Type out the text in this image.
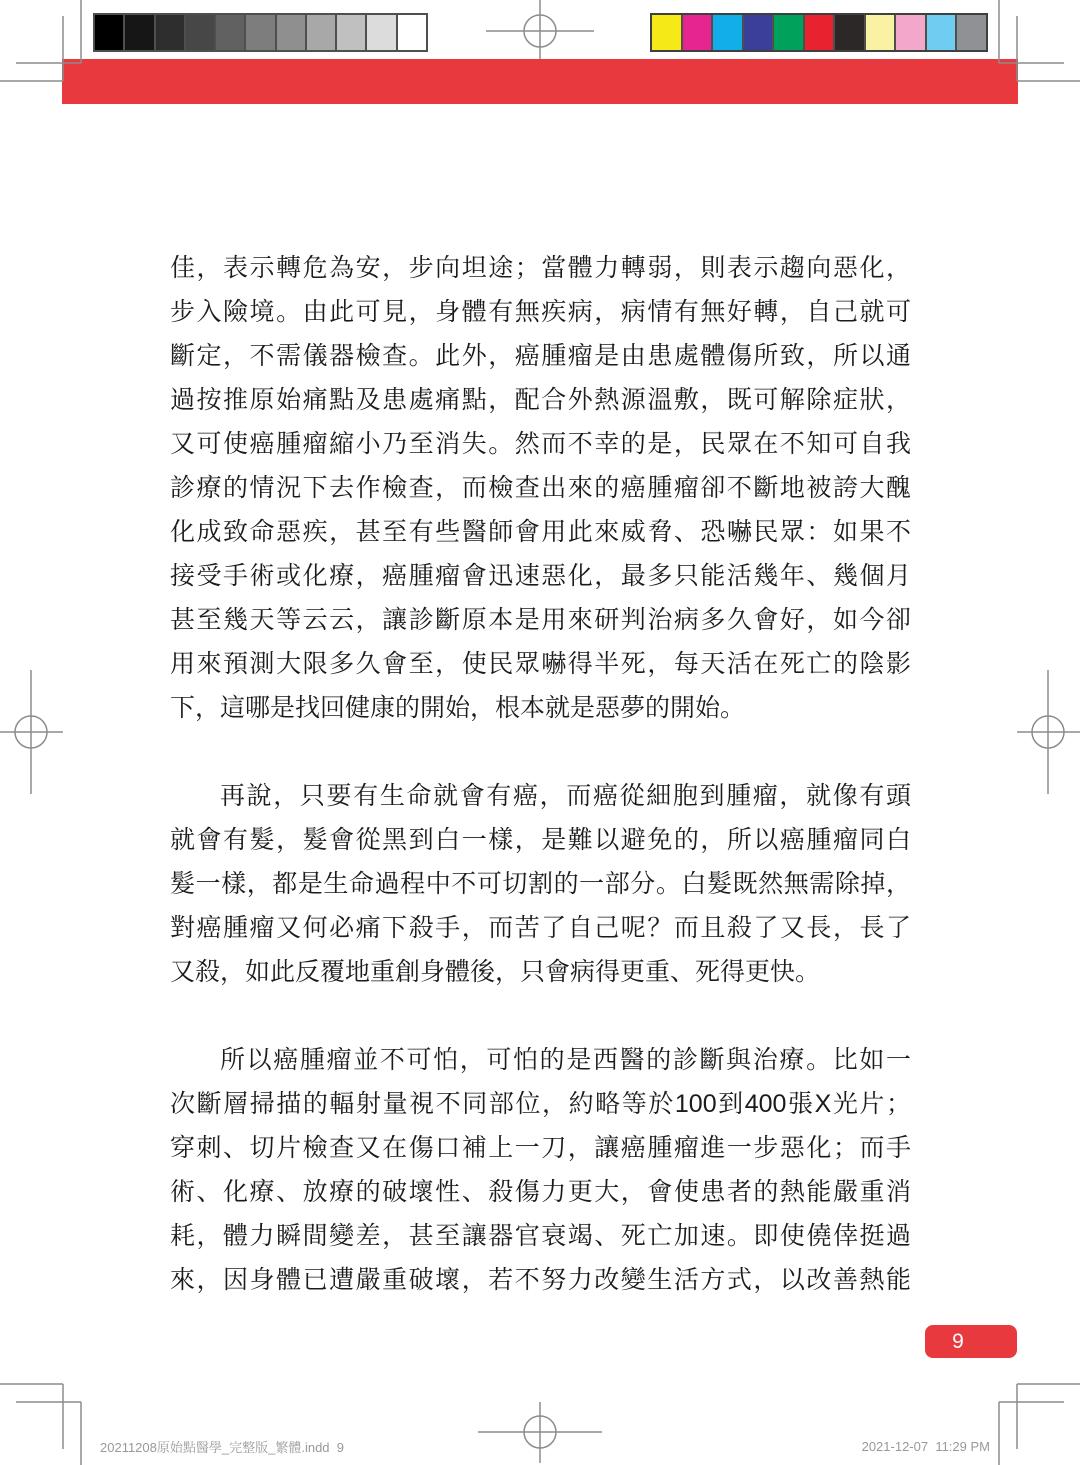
佳，表示轉危為安，步向坦途；當體力轉弱，則表示趨向惡化，
步入險境。由此可見，身體有無疾病，病情有無好轉，自己就可
斷定，不需儀器檢查。此外，癌腫瘤是由患處體傷所致，所以通
過按推原始痛點及患處痛點，配合外熱源溫敷，既可解除症狀，
又可使癌腫瘤縮小乃至消失。然而不幸的是，民眾在不知可自我
診療的情況下去作檢查，而檢查出來的癌腫瘤卻不斷地被誇大醜
化成致命惡疾，甚至有些醫師會用此來威脅、恐嚇民眾：如果不
接受手術或化療，癌腫瘤會迅速惡化，最多只能活幾年、幾個月
甚至幾天等云云，讓診斷原本是用來研判治病多久會好，如今卻
用來預測大限多久會至，使民眾嚇得半死，每天活在死亡的陰影
下，這哪是找回健康的開始，根本就是惡夢的開始。
再說，只要有生命就會有癌，而癌從細胞到腫瘤，就像有頭
就會有髮，髮會從黑到白一樣，是難以避免的，所以癌腫瘤同白
髮一樣，都是生命過程中不可切割的一部分。白髮既然無需除掉，
對癌腫瘤又何必痛下殺手，而苦了自己呢？而且殺了又長，長了
又殺，如此反覆地重創身體後，只會病得更重、死得更快。
所以癌腫瘤並不可怕，可怕的是西醫的診斷與治療。比如一
次斷層掃描的輻射量視不同部位，約略等於100到400張X光片；
穿刺、切片檢查又在傷口補上一刀，讓癌腫瘤進一步惡化；而手
術、化療、放療的破壞性、殺傷力更大，會使患者的熱能嚴重消
耗，體力瞬間變差，甚至讓器官衰竭、死亡加速。即使僥倖挺過
來，因身體已遭嚴重破壞，若不努力改變生活方式，以改善熱能
9
20211208原始點醫學_完整版_繁體.indd  9	2021-12-07  11:29 PM
